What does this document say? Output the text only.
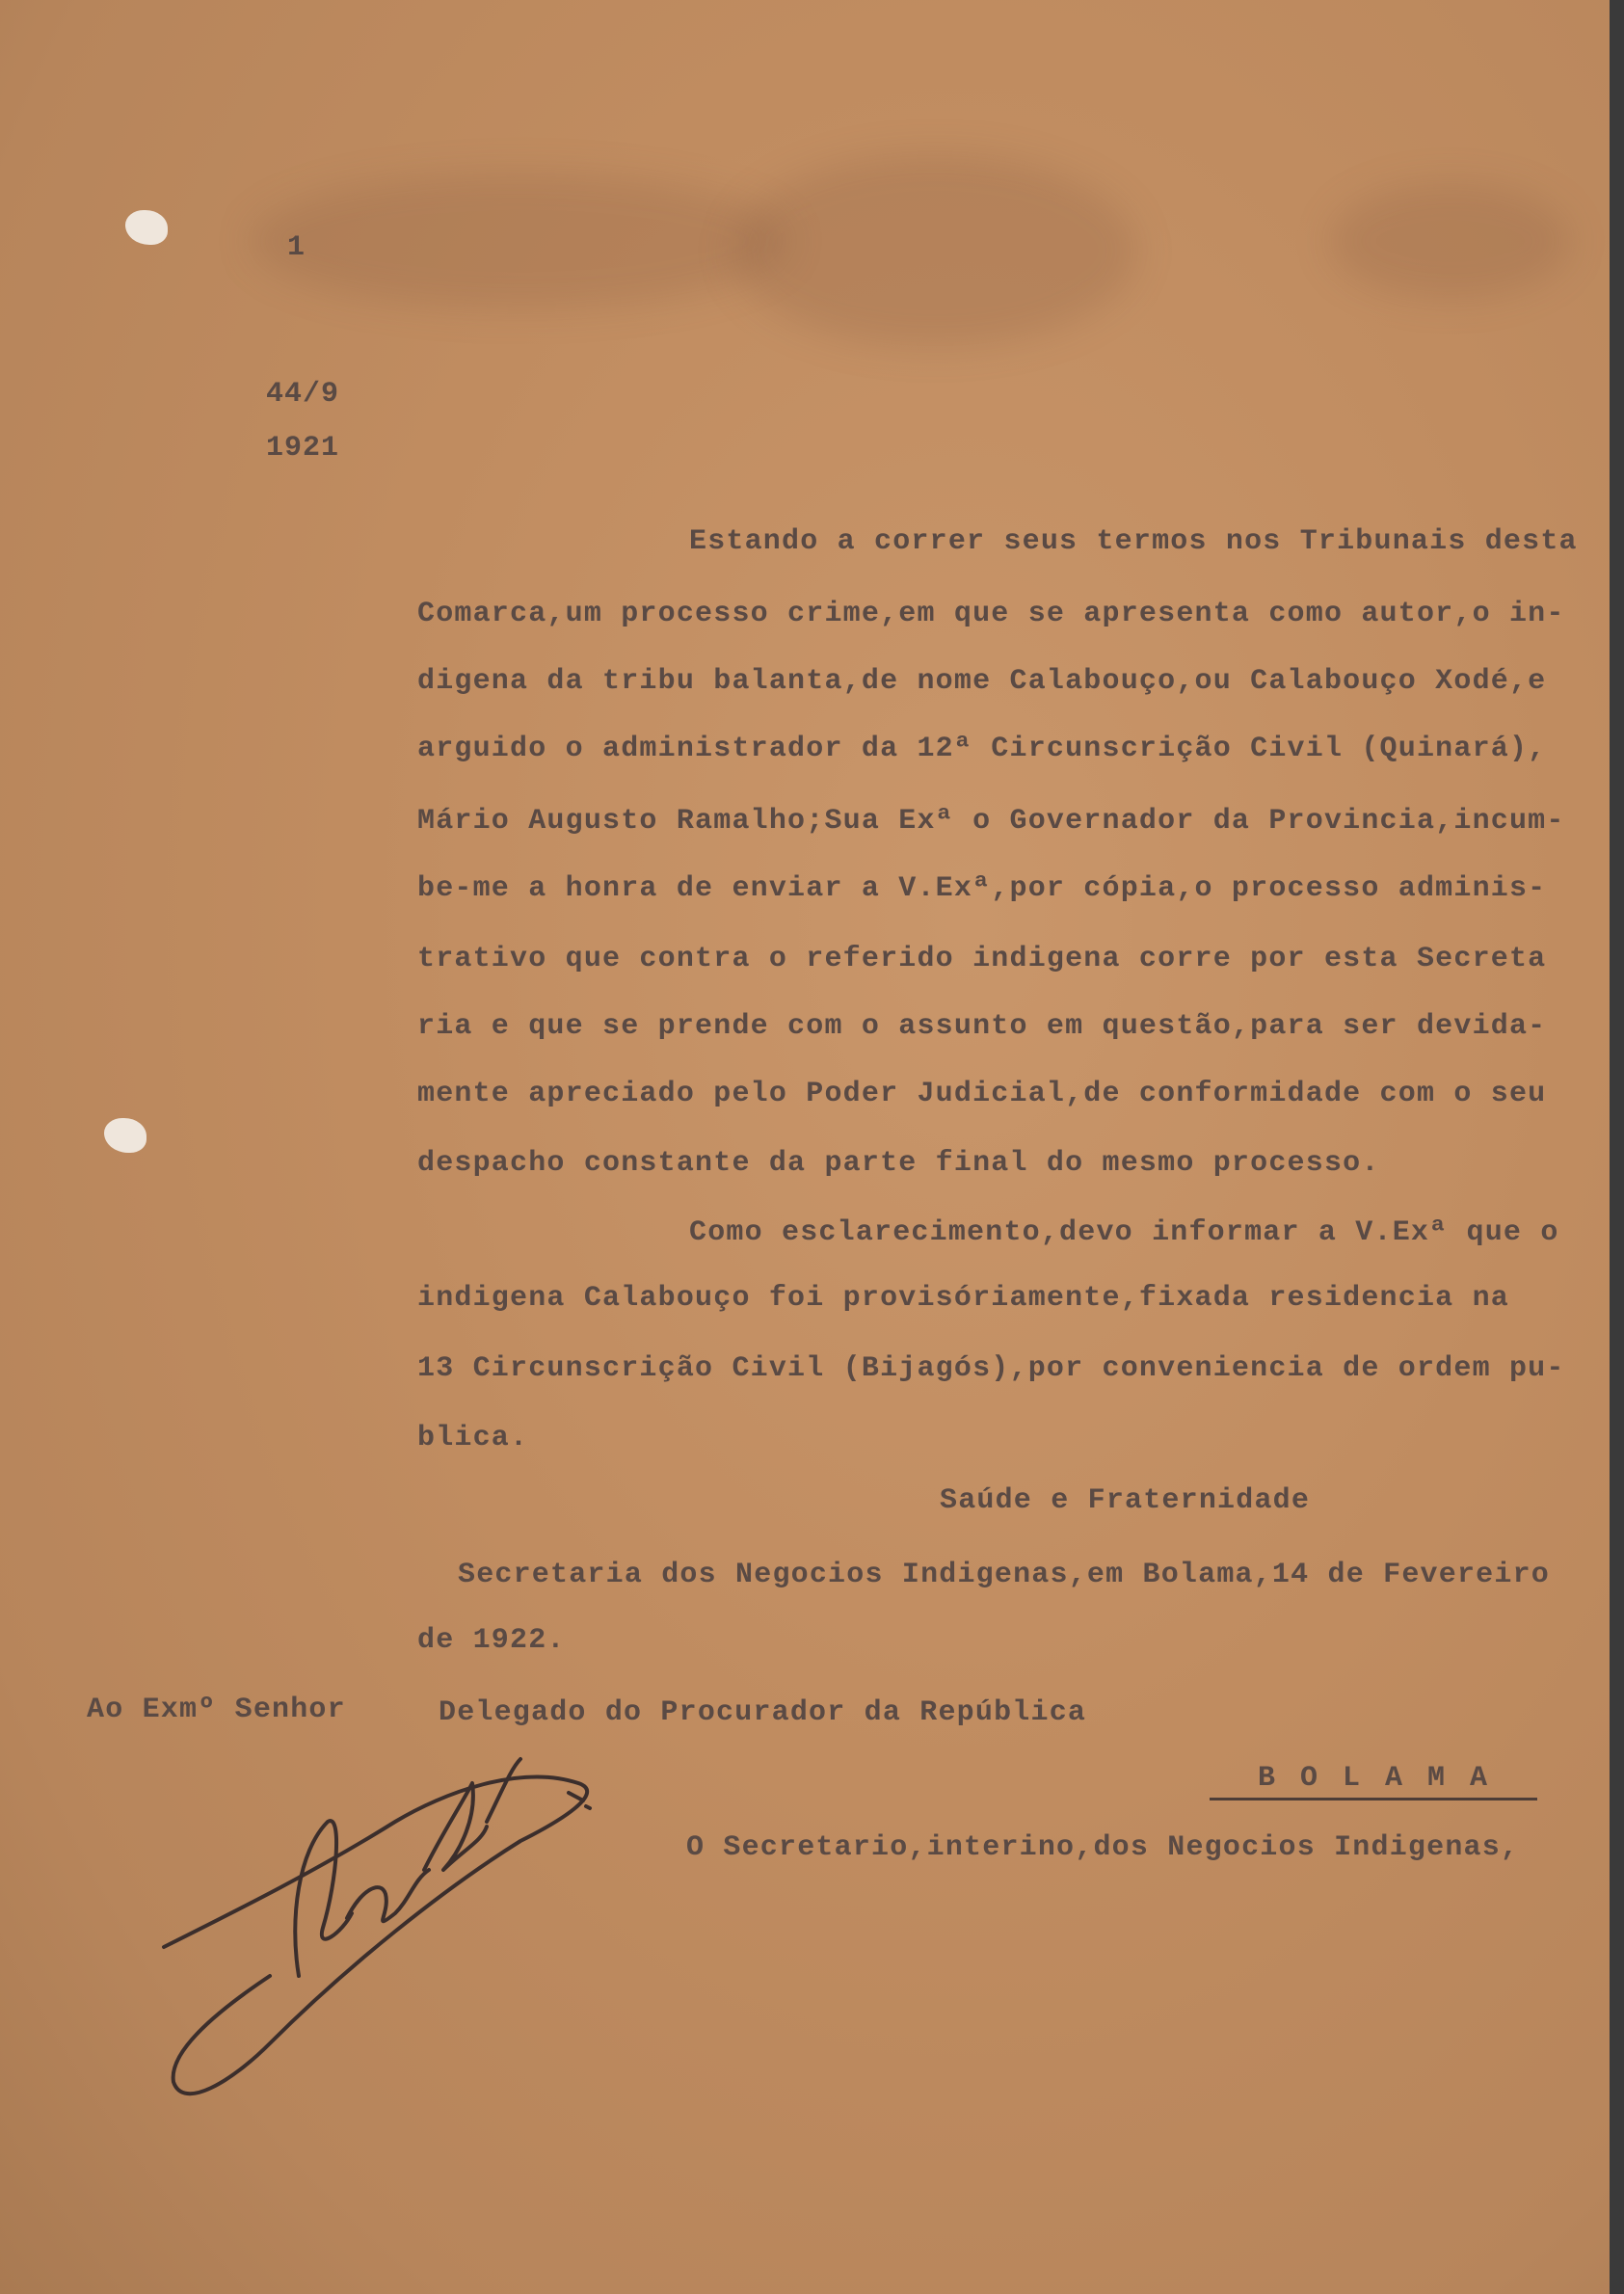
1
44/9
1921
Estando a correr seus termos nos Tribunais desta
Comarca,um processo crime,em que se apresenta como autor,o in-
digena da tribu balanta,de nome Calabouço,ou Calabouço Xodé,e
arguido o administrador da 12ª Circunscrição Civil (Quinará),
Mário Augusto Ramalho;Sua Exª o Governador da Provincia,incum-
be-me a honra de enviar a V.Exª,por cópia,o processo adminis-
trativo que contra o referido indigena corre por esta Secreta
ria e que se prende com o assunto em questão,para ser devida-
mente apreciado pelo Poder Judicial,de conformidade com o seu
despacho constante da parte final do mesmo processo.
Como esclarecimento,devo informar a V.Exª que o
indigena Calabouço foi provisóriamente,fixada residencia na
13 Circunscrição Civil (Bijagós),por conveniencia de ordem pu-
blica.
Saúde e Fraternidade
Secretaria dos Negocios Indigenas,em Bolama,14 de Fevereiro
de 1922.
Ao Exmº Senhor	Delegado do Procurador da República
B O L A M A
O Secretario,interino,dos Negocios Indigenas,
